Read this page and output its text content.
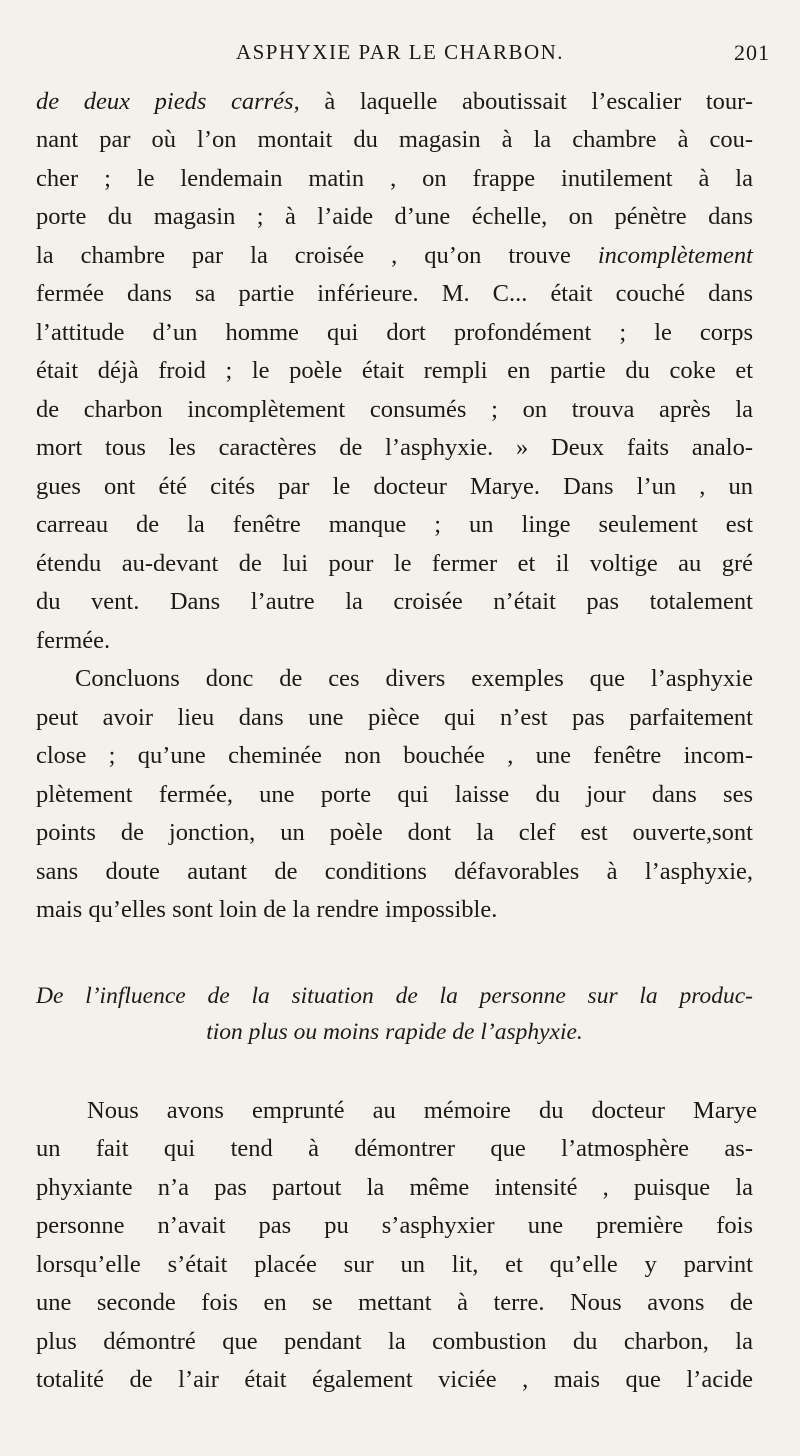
ASPHYXIE PAR LE CHARBON.	201
de deux pieds carrés, à laquelle aboutissait l’escalier tour-
nant par où l’on montait du magasin à la chambre à cou-
cher ; le lendemain matin , on frappe inutilement à la
porte du magasin ; à l’aide d’une échelle, on pénètre dans
la chambre par la croisée , qu’on trouve incomplètement
fermée dans sa partie inférieure. M. C... était couché dans
l’attitude d’un homme qui dort profondément ; le corps
était déjà froid ; le poèle était rempli en partie du coke et
de charbon incomplètement consumés ; on trouva après la
mort tous les caractères de l’asphyxie. » Deux faits analo-
gues ont été cités par le docteur Marye. Dans l’un , un
carreau de la fenêtre manque ; un linge seulement est
étendu au-devant de lui pour le fermer et il voltige au gré
du vent. Dans l’autre la croisée n’était pas totalement
fermée.
Concluons donc de ces divers exemples que l’asphyxie
peut avoir lieu dans une pièce qui n’est pas parfaitement
close ; qu’une cheminée non bouchée , une fenêtre incom-
plètement fermée, une porte qui laisse du jour dans ses
points de jonction, un poèle dont la clef est ouverte,sont
sans doute autant de conditions défavorables à l’asphyxie,
mais qu’elles sont loin de la rendre impossible.
De l’influence de la situation de la personne sur la produc-
tion plus ou moins rapide de l’asphyxie.
Nous avons emprunté au mémoire du docteur Marye
un fait qui tend à démontrer que l’atmosphère as-
phyxiante n’a pas partout la même intensité , puisque la
personne n’avait pas pu s’asphyxier une première fois
lorsqu’elle s’était placée sur un lit, et qu’elle y parvint
une seconde fois en se mettant à terre. Nous avons de
plus démontré que pendant la combustion du charbon, la
totalité de l’air était également viciée , mais que l’acide
